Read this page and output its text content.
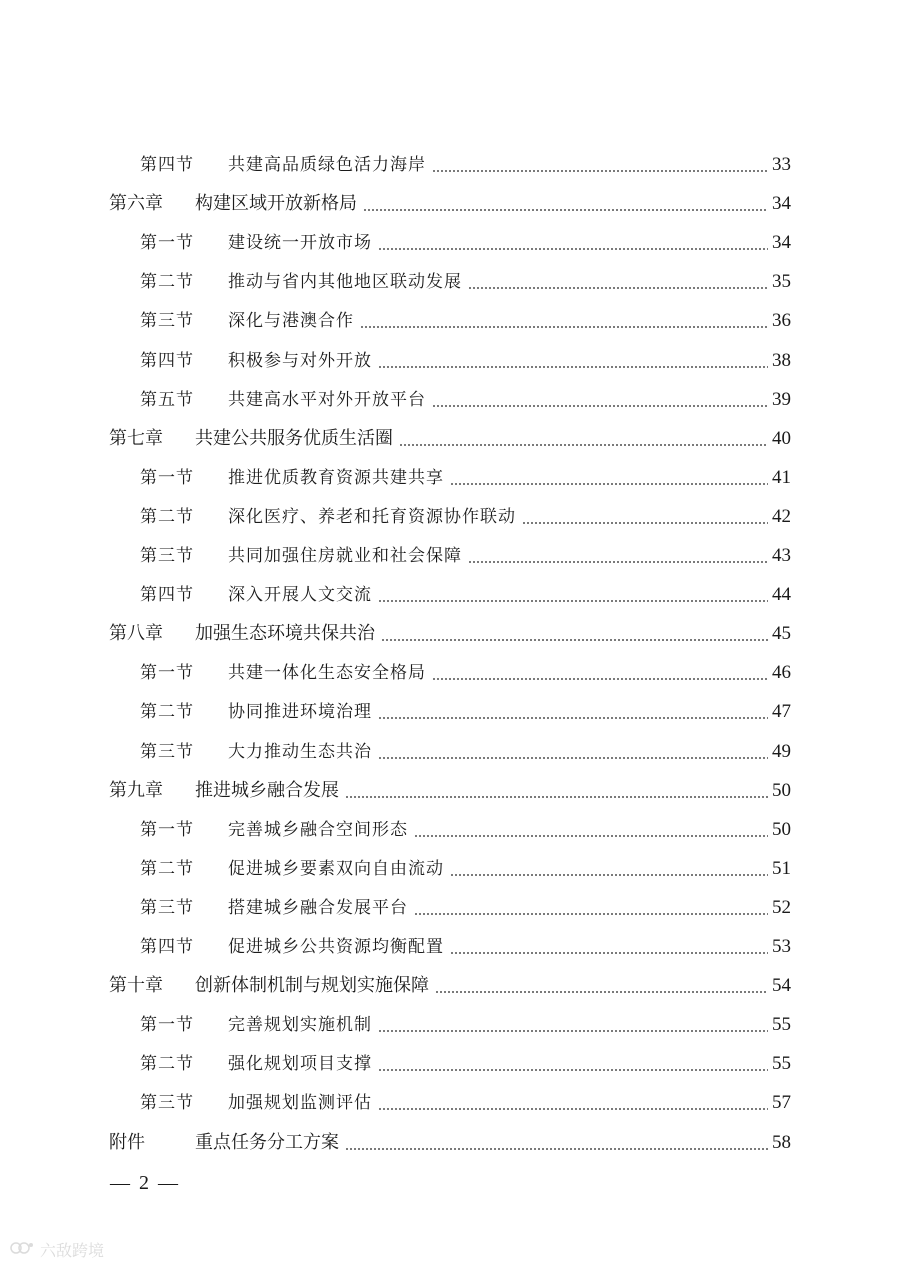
第四节	共建高品质绿色活力海岸	33
第六章	构建区域开放新格局	34
第一节	建设统一开放市场	34
第二节	推动与省内其他地区联动发展	35
第三节	深化与港澳合作	36
第四节	积极参与对外开放	38
第五节	共建高水平对外开放平台	39
第七章	共建公共服务优质生活圈	40
第一节	推进优质教育资源共建共享	41
第二节	深化医疗、养老和托育资源协作联动	42
第三节	共同加强住房就业和社会保障	43
第四节	深入开展人文交流	44
第八章	加强生态环境共保共治	45
第一节	共建一体化生态安全格局	46
第二节	协同推进环境治理	47
第三节	大力推动生态共治	49
第九章	推进城乡融合发展	50
第一节	完善城乡融合空间形态	50
第二节	促进城乡要素双向自由流动	51
第三节	搭建城乡融合发展平台	52
第四节	促进城乡公共资源均衡配置	53
第十章	创新体制机制与规划实施保障	54
第一节	完善规划实施机制	55
第二节	强化规划项目支撑	55
第三节	加强规划监测评估	57
附件	重点任务分工方案	58
— 2 —
六敌跨境
